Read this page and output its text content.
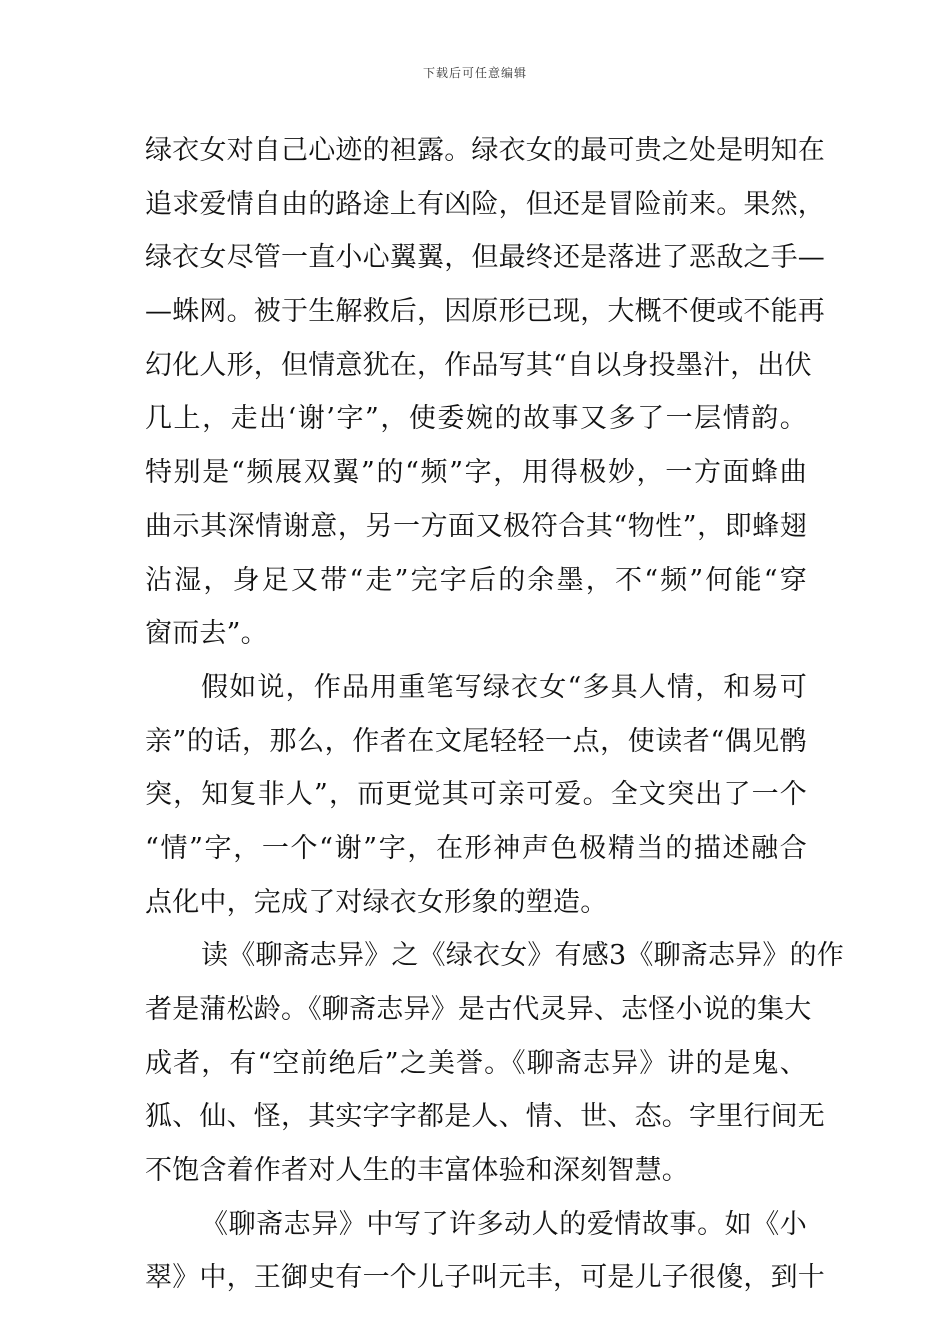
下载后可任意编辑
绿衣女对自己心迹的袒露。绿衣女的最可贵之处是明知在
追求爱情自由的路途上有凶险，但还是冒险前来。果然，
绿衣女尽管一直小心翼翼，但最终还是落进了恶敌之手—
—蛛网。被于生解救后，因原形已现，大概不便或不能再
幻化人形，但情意犹在，作品写其“自以身投墨汁，出伏
几上，走出‘谢’字”，使委婉的故事又多了一层情韵。
特别是“频展双翼”的“频”字，用得极妙，一方面蜂曲
曲示其深情谢意，另一方面又极符合其“物性”，即蜂翅
沾湿，身足又带“走”完字后的余墨，不“频”何能“穿
窗而去”。
假如说，作品用重笔写绿衣女“多具人情，和易可
亲”的话，那么，作者在文尾轻轻一点，使读者“偶见鹘
突，知复非人”，而更觉其可亲可爱。全文突出了一个
“情”字，一个“谢”字，在形神声色极精当的描述融合
点化中，完成了对绿衣女形象的塑造。
读《聊斋志异》之《绿衣女》有感3《聊斋志异》的作
者是蒲松龄。《聊斋志异》是古代灵异、志怪小说的集大
成者，有“空前绝后”之美誉。《聊斋志异》讲的是鬼、
狐、仙、怪，其实字字都是人、情、世、态。字里行间无
不饱含着作者对人生的丰富体验和深刻智慧。
《聊斋志异》中写了许多动人的爱情故事。如《小
翠》中，王御史有一个儿子叫元丰，可是儿子很傻，到十
